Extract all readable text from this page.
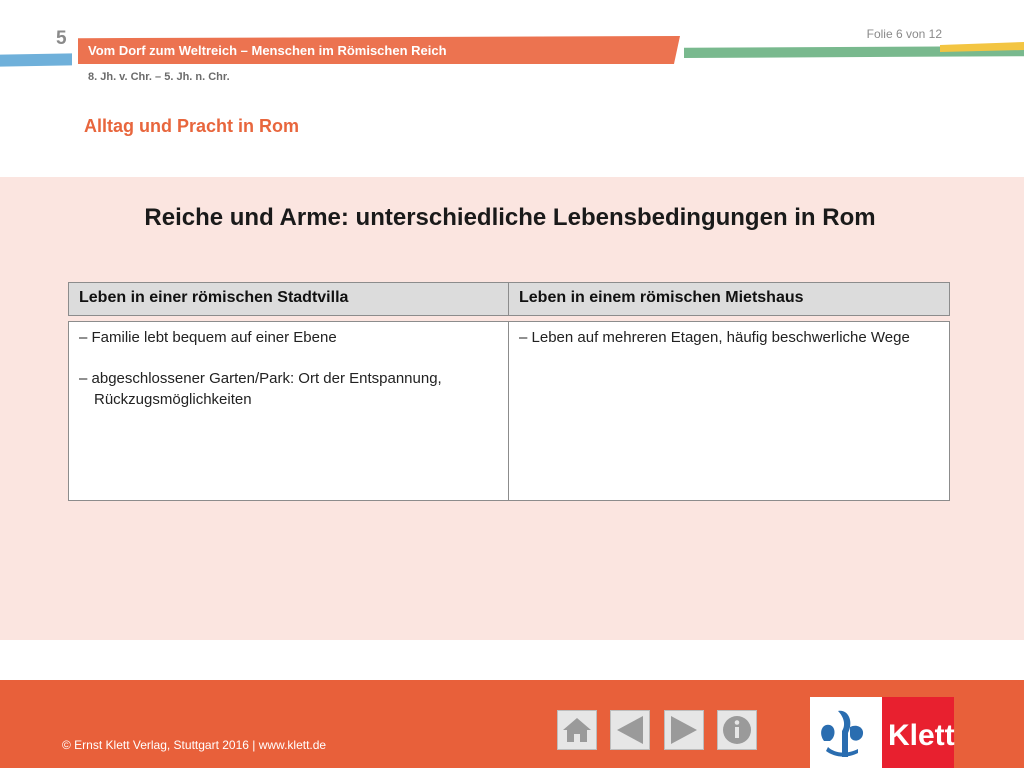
5
Vom Dorf zum Weltreich – Menschen im Römischen Reich
Folie 6 von 12
8. Jh. v. Chr. – 5. Jh. n. Chr.
Alltag und Pracht in Rom
Reiche und Arme: unterschiedliche Lebensbedingungen in Rom
Leben in einer römischen Stadtvilla	Leben in einem römischen Mietshaus

– Familie lebt bequem auf einer Ebene

– abgeschlossener Garten/Park: Ort der Entspannung, Rückzugsmöglichkeiten

– Leben auf mehreren Etagen, häufig beschwerliche Wege

© Ernst Klett Verlag, Stuttgart 2016 | www.klett.de	Klett
